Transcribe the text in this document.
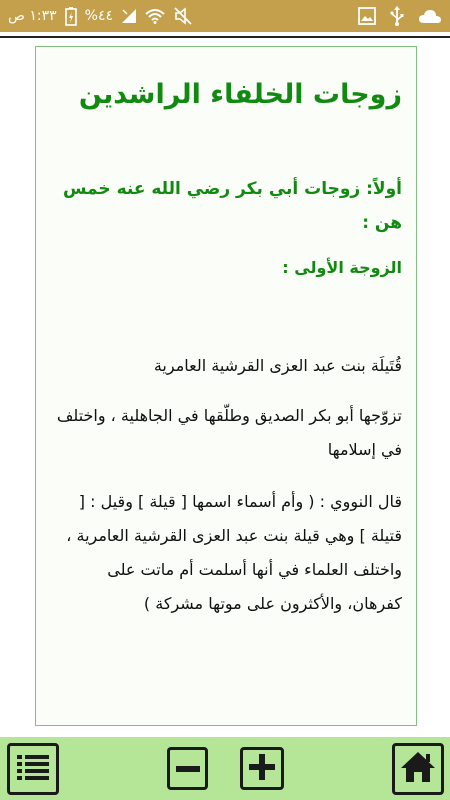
١:٣٣ ص %٤٤
زوجات الخلفاء الراشدين
أولاً: زوجات أبي بكر رضي الله عنه خمس هن :
الزوجة الأولى :
قُتَيلَة بنت عبد العزى القرشية العامرية
تزوّجها أبو بكر الصديق وطلّقها في الجاهلية ، واختلف في إسلامها
قال النووي : ( وأم أسماء اسمها [ قيلة ] وقيل : [ قتيلة ] وهي قيلة بنت عبد العزى القرشية العامرية ، واختلف العلماء في أنها أسلمت أم ماتت على كفرهان، والأكثرون على موتها مشركة )
